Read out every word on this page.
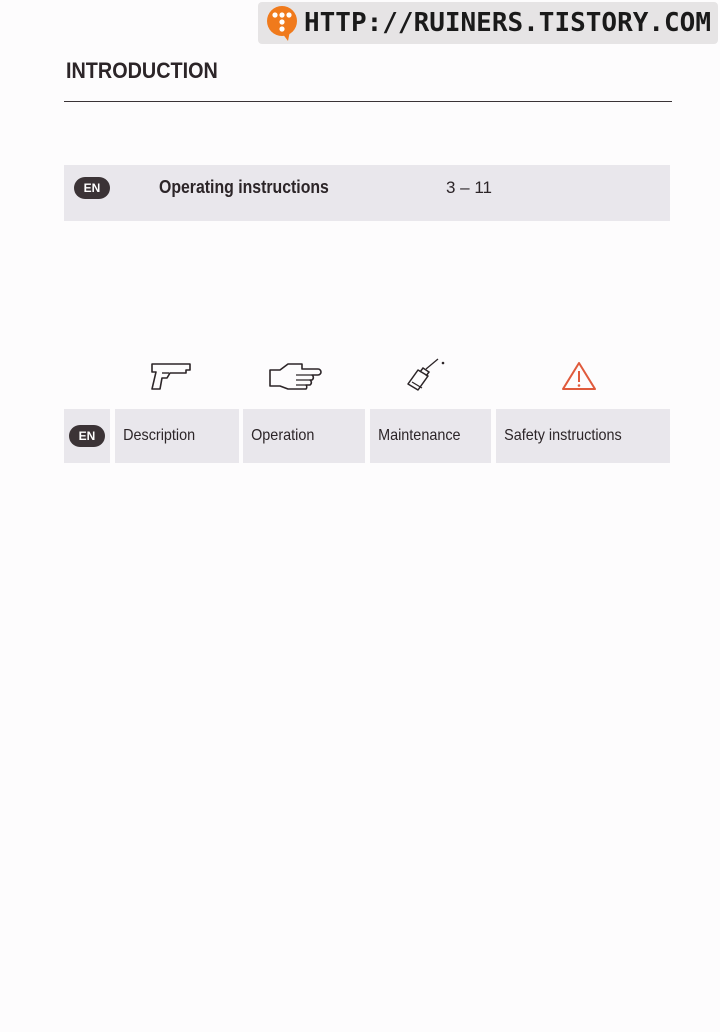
HTTP://RUINERS.TISTORY.COM
INTRODUCTION
EN	Operating instructions	3 – 11
EN	Description	Operation	Maintenance	Safety instructions
